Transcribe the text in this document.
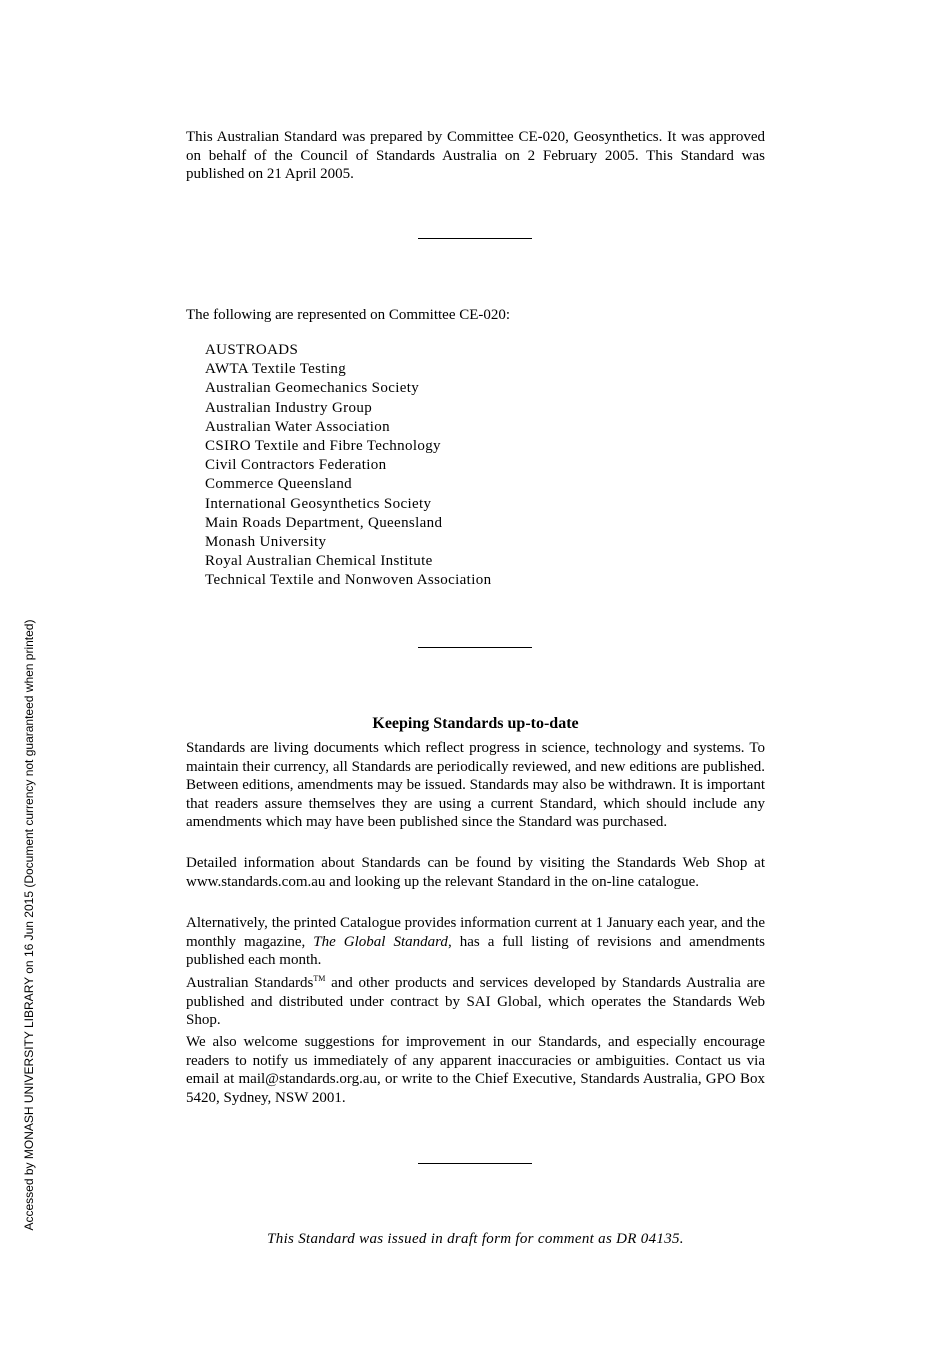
Accessed by MONASH UNIVERSITY LIBRARY on 16 Jun 2015 (Document currency not guaranteed when printed)

This Australian Standard was prepared by Committee CE-020, Geosynthetics. It was approved on behalf of the Council of Standards Australia on 2 February 2005. This Standard was published on 21 April 2005.

The following are represented on Committee CE-020:

AUSTROADS
AWTA Textile Testing
Australian Geomechanics Society
Australian Industry Group
Australian Water Association
CSIRO Textile and Fibre Technology
Civil Contractors Federation
Commerce Queensland
International Geosynthetics Society
Main Roads Department, Queensland
Monash University
Royal Australian Chemical Institute
Technical Textile and Nonwoven Association
Keeping Standards up-to-date

Standards are living documents which reflect progress in science, technology and systems. To maintain their currency, all Standards are periodically reviewed, and new editions are published. Between editions, amendments may be issued. Standards may also be withdrawn. It is important that readers assure themselves they are using a current Standard, which should include any amendments which may have been published since the Standard was purchased.

Detailed information about Standards can be found by visiting the Standards Web Shop at www.standards.com.au and looking up the relevant Standard in the on-line catalogue.

Alternatively, the printed Catalogue provides information current at 1 January each year, and the monthly magazine, The Global Standard, has a full listing of revisions and amendments published each month.

Australian Standards™ and other products and services developed by Standards Australia are published and distributed under contract by SAI Global, which operates the Standards Web Shop.

We also welcome suggestions for improvement in our Standards, and especially encourage readers to notify us immediately of any apparent inaccuracies or ambiguities. Contact us via email at mail@standards.org.au, or write to the Chief Executive, Standards Australia, GPO Box 5420, Sydney, NSW 2001.

This Standard was issued in draft form for comment as DR 04135.
